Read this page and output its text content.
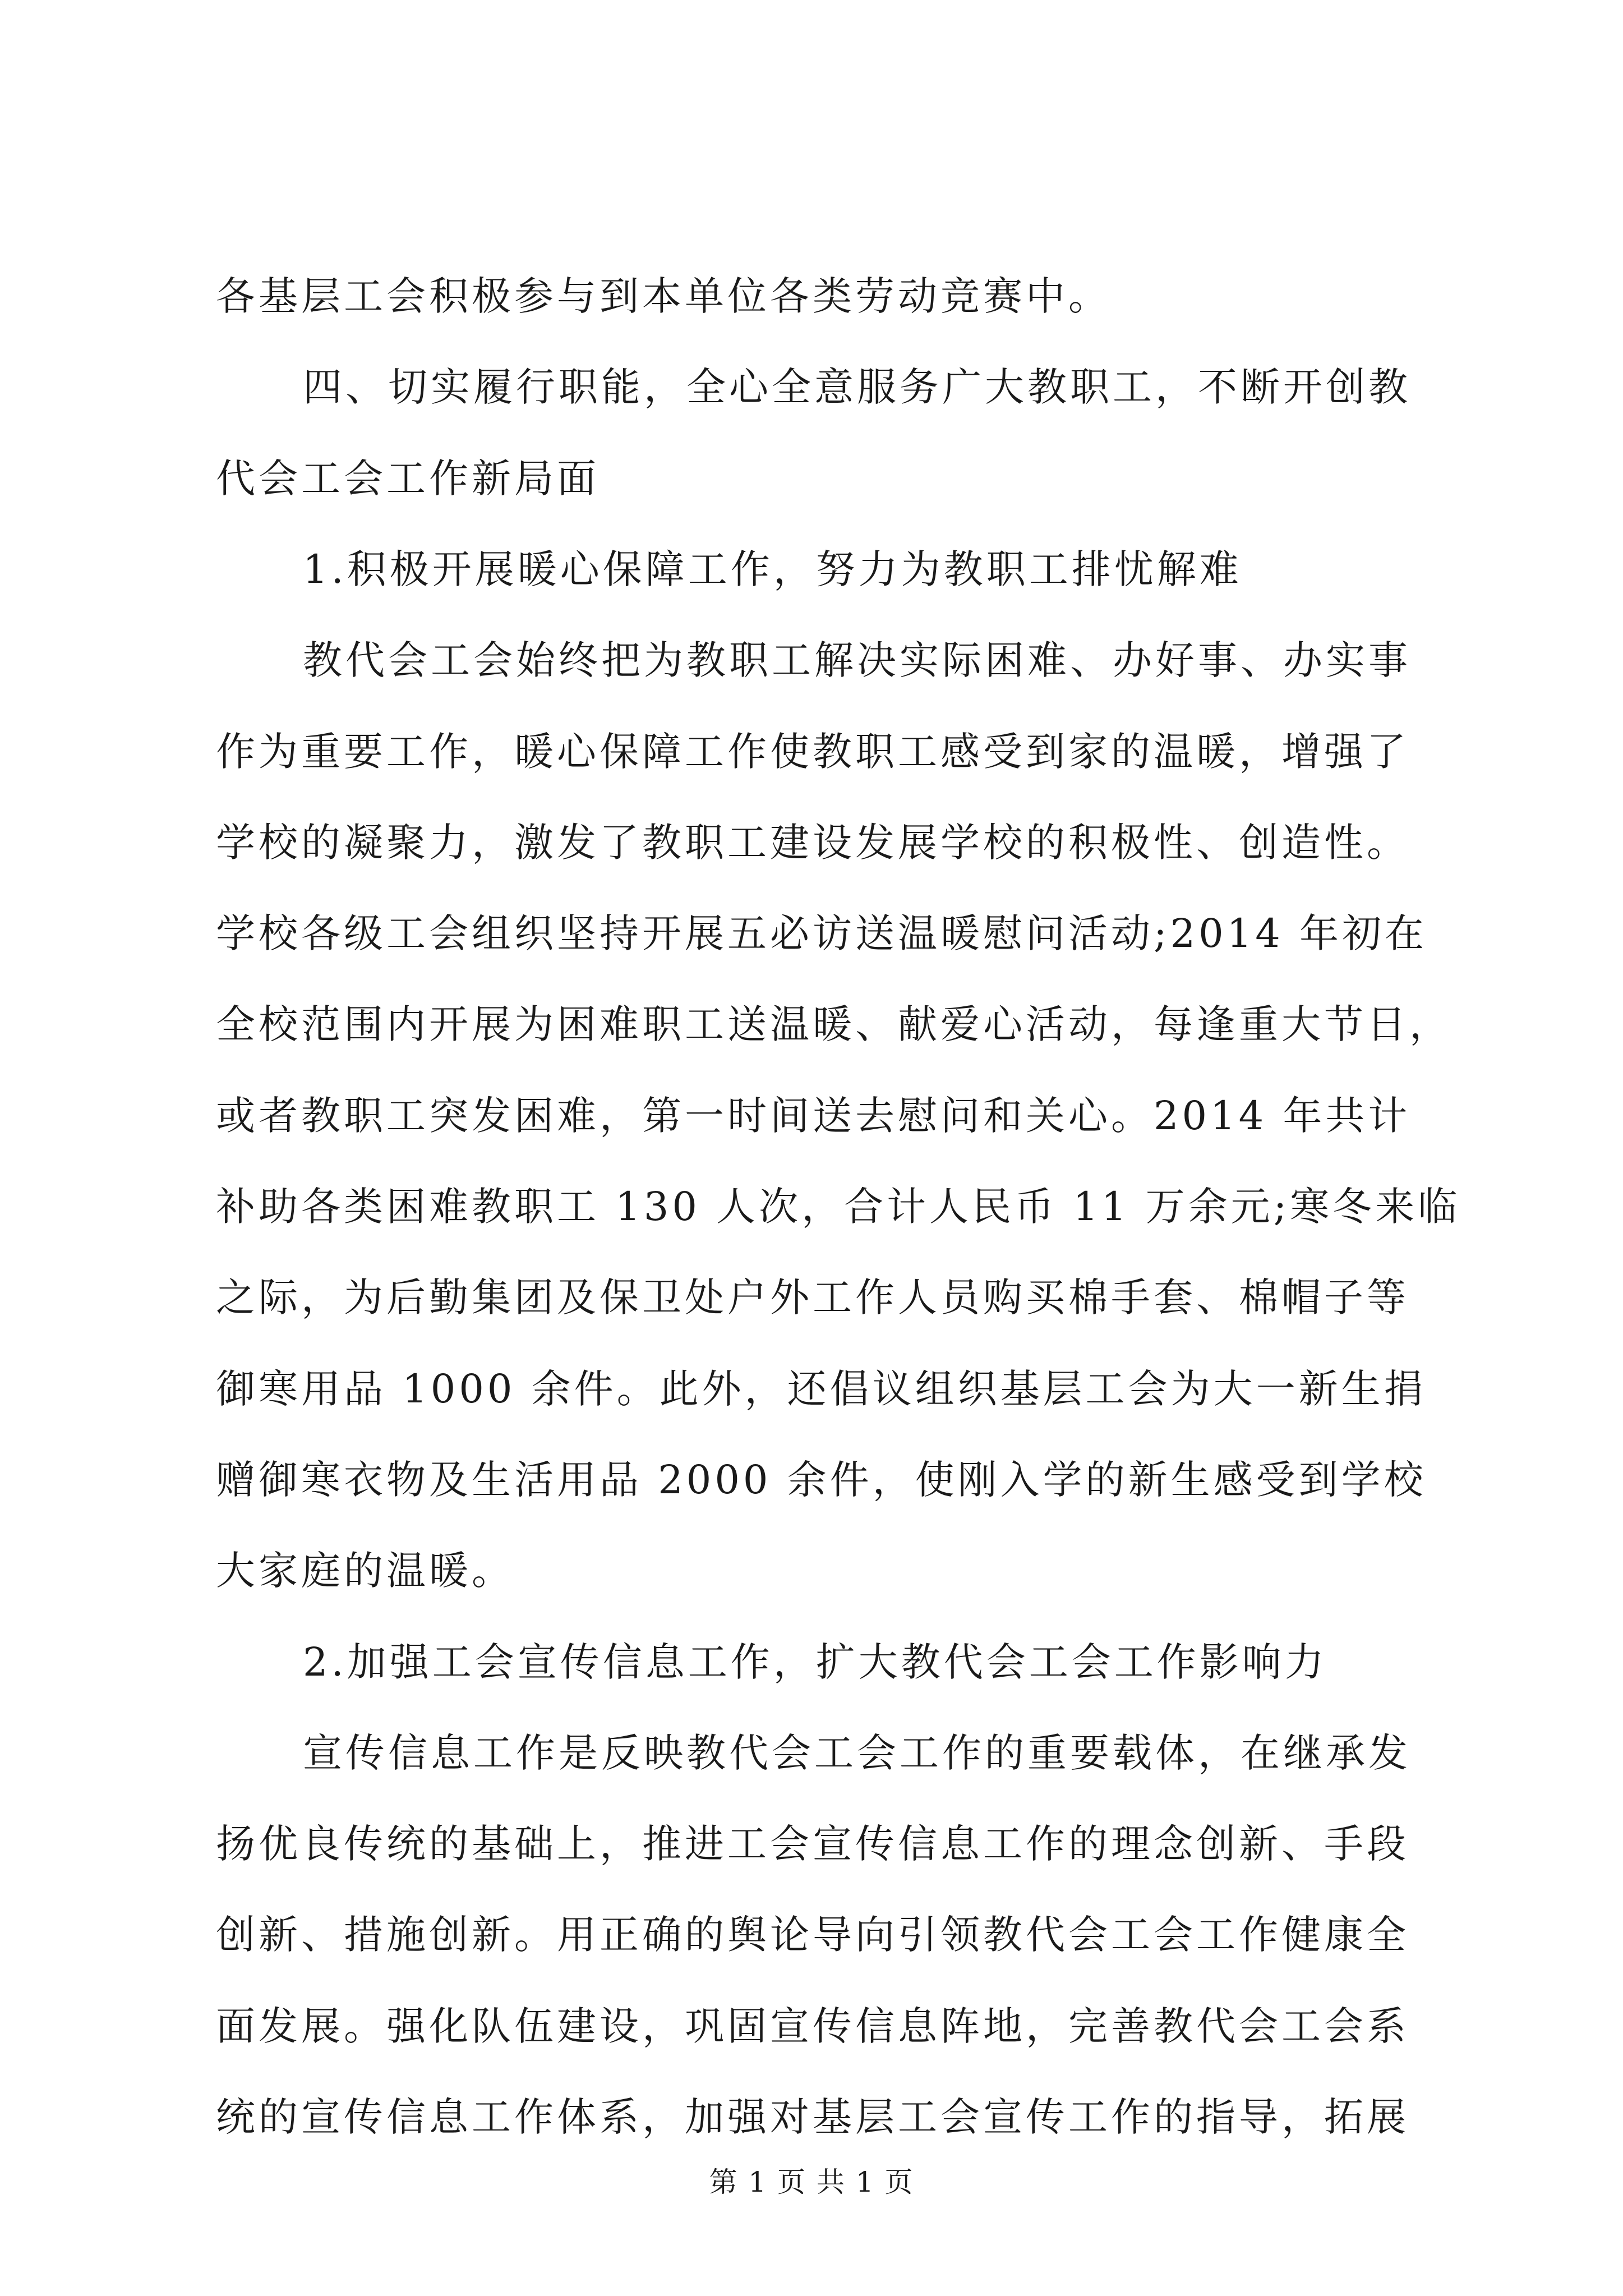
各基层工会积极参与到本单位各类劳动竞赛中。
四、切实履行职能，全心全意服务广大教职工，不断开创教
代会工会工作新局面
1.积极开展暖心保障工作，努力为教职工排忧解难
教代会工会始终把为教职工解决实际困难、办好事、办实事
作为重要工作，暖心保障工作使教职工感受到家的温暖，增强了
学校的凝聚力，激发了教职工建设发展学校的积极性、创造性。
学校各级工会组织坚持开展五必访送温暖慰问活动;2014 年初在
全校范围内开展为困难职工送温暖、献爱心活动，每逢重大节日，
或者教职工突发困难，第一时间送去慰问和关心。2014 年共计
补助各类困难教职工 130 人次，合计人民币 11 万余元;寒冬来临
之际，为后勤集团及保卫处户外工作人员购买棉手套、棉帽子等
御寒用品 1000 余件。此外，还倡议组织基层工会为大一新生捐
赠御寒衣物及生活用品 2000 余件，使刚入学的新生感受到学校
大家庭的温暖。
2.加强工会宣传信息工作，扩大教代会工会工作影响力
宣传信息工作是反映教代会工会工作的重要载体，在继承发
扬优良传统的基础上，推进工会宣传信息工作的理念创新、手段
创新、措施创新。用正确的舆论导向引领教代会工会工作健康全
面发展。强化队伍建设，巩固宣传信息阵地，完善教代会工会系
统的宣传信息工作体系，加强对基层工会宣传工作的指导，拓展
第 1 页 共 1 页
